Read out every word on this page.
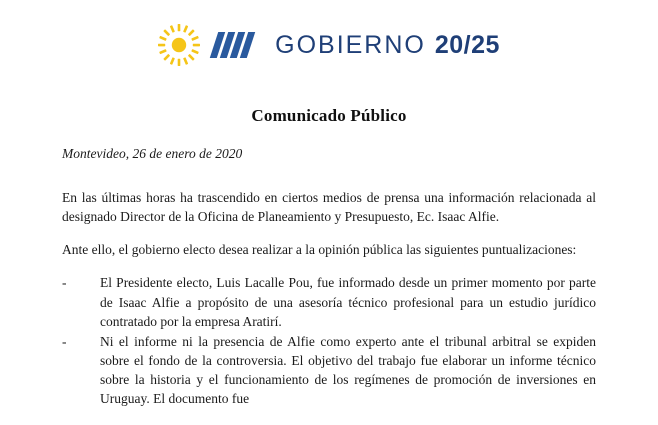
GOBIERNO 20/25
Comunicado Público
Montevideo, 26 de enero de 2020
En las últimas horas ha trascendido en ciertos medios de prensa una información relacionada al designado Director de la Oficina de Planeamiento y Presupuesto, Ec. Isaac Alfie.
Ante ello, el gobierno electo desea realizar a la opinión pública las siguientes puntualizaciones:
-	El Presidente electo, Luis Lacalle Pou, fue informado desde un primer momento por parte de Isaac Alfie a propósito de una asesoría técnico profesional para un estudio jurídico contratado por la empresa Aratirí.
-	Ni el informe ni la presencia de Alfie como experto ante el tribunal arbitral se expiden sobre el fondo de la controversia. El objetivo del trabajo fue elaborar un informe técnico sobre la historia y el funcionamiento de los regímenes de promoción de inversiones en Uruguay. El documento fue
